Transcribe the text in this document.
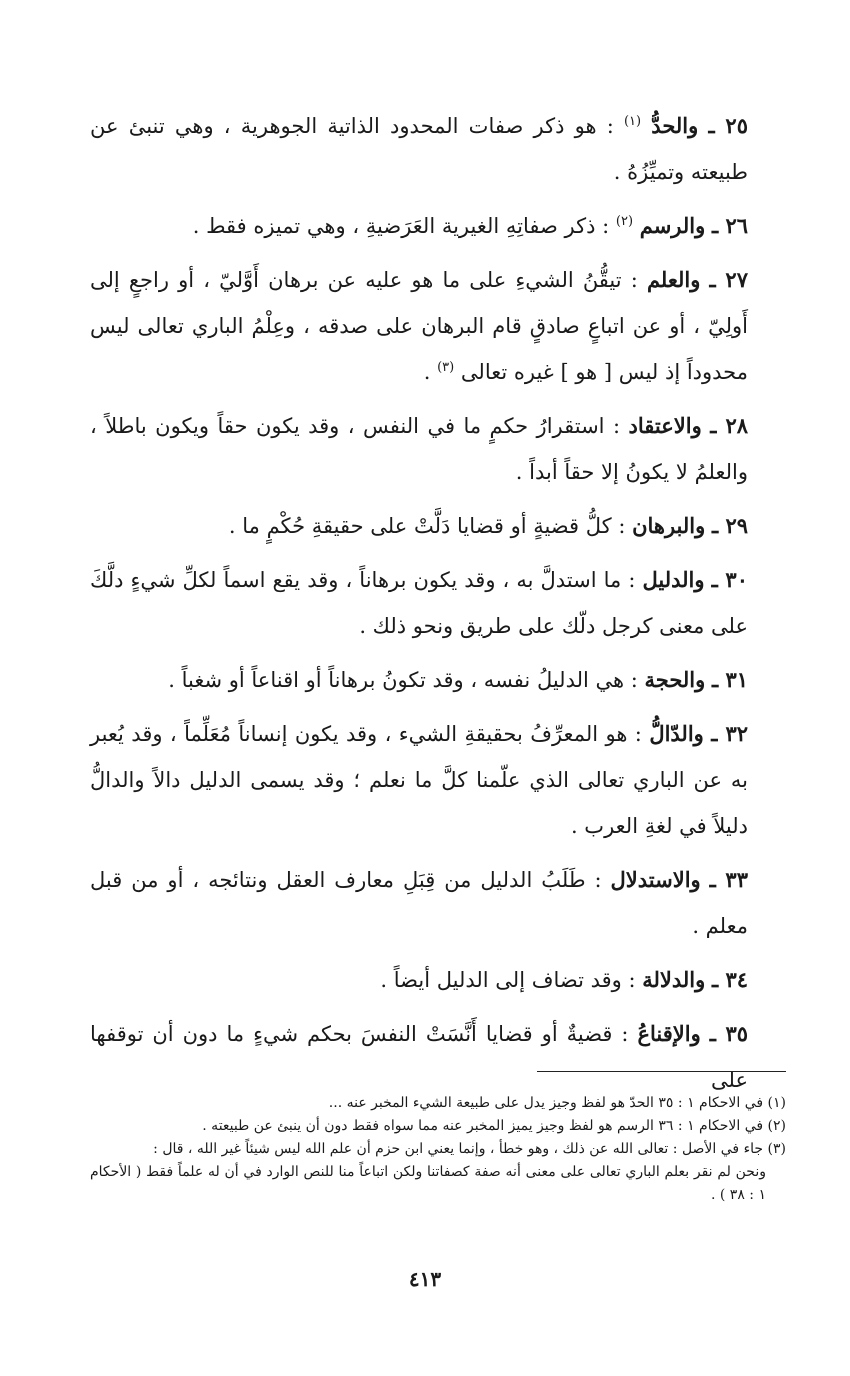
٢٥ ـ والحدُّ $^{(١)}$ : هو ذكر صفات المحدود الذاتية الجوهرية ، وهي تنبئ عن طبيعته وتميِّزُهُ .

٢٦ ـ والرسم $^{(٢)}$ : ذكر صفاتِهِ الغيرية العَرَضيةِ ، وهي تميزه فقط .

٢٧ ـ والعلم : تيقُّنُ الشيءِ على ما هو عليه عن برهان أَوَّليّ ، أو راجعٍ إلى أَولِيّ ، أو عن اتباعٍ صادقٍ قام البرهان على صدقه ، وعِلْمُ الباري تعالى ليس محدوداً إذ ليس [ هو ] غيره تعالى $^{(٣)}$ .

٢٨ ـ والاعتقاد : استقرارُ حكمٍ ما في النفس ، وقد يكون حقاً ويكون باطلاً ، والعلمُ لا يكونُ إلا حقاً أبداً .

٢٩ ـ والبرهان : كلُّ قضيةٍ أو قضايا دَلَّتْ على حقيقةِ حُكْمٍ ما .

٣٠ ـ والدليل : ما استدلَّ به ، وقد يكون برهاناً ، وقد يقع اسماً لكلِّ شيءٍ دلَّكَ على معنى كرجل دلّك على طريق ونحو ذلك .

٣١ ـ والحجة : هي الدليلُ نفسه ، وقد تكونُ برهاناً أو اقناعاً أو شغباً .

٣٢ ـ والدّالُّ : هو المعرِّفُ بحقيقةِ الشيء ، وقد يكون إنساناً مُعَلِّماً ، وقد يُعبر به عن الباري تعالى الذي علّمنا كلَّ ما نعلم ؛ وقد يسمى الدليل دالاً والدالُّ دليلاً في لغةِ العرب .

٣٣ ـ والاستدلال : طَلَبُ الدليل من قِبَلِ معارف العقل ونتائجه ، أو من قبل معلم .

٣٤ ـ والدلالة : وقد تضاف إلى الدليل أيضاً .

٣٥ ـ والإقناعُ : قضيةٌ أو قضايا أَنَّسَتْ النفسَ بحكم شيءٍ ما دون أن توقفها على

(١) في الاحكام ١ : ٣٥ الحدّ هو لفظ وجيز يدل على طبيعة الشيء المخبر عنه ...

(٢) في الاحكام ١ : ٣٦ الرسم هو لفظ وجيز يميز المخبر عنه مما سواه فقط دون أن ينبئ عن طبيعته .

(٣) جاء في الأصل : تعالى الله عن ذلك ، وهو خطأ ، وإنما يعني ابن حزم أن علم الله ليس شيئاً غير الله ، قال :

ونحن لم نقر بعلم الباري تعالى على معنى أنه صفة كصفاتنا ولكن اتباعاً منا للنص الوارد في أن له علماً فقط ( الأحكام ١ : ٣٨ ) .

٤١٣
